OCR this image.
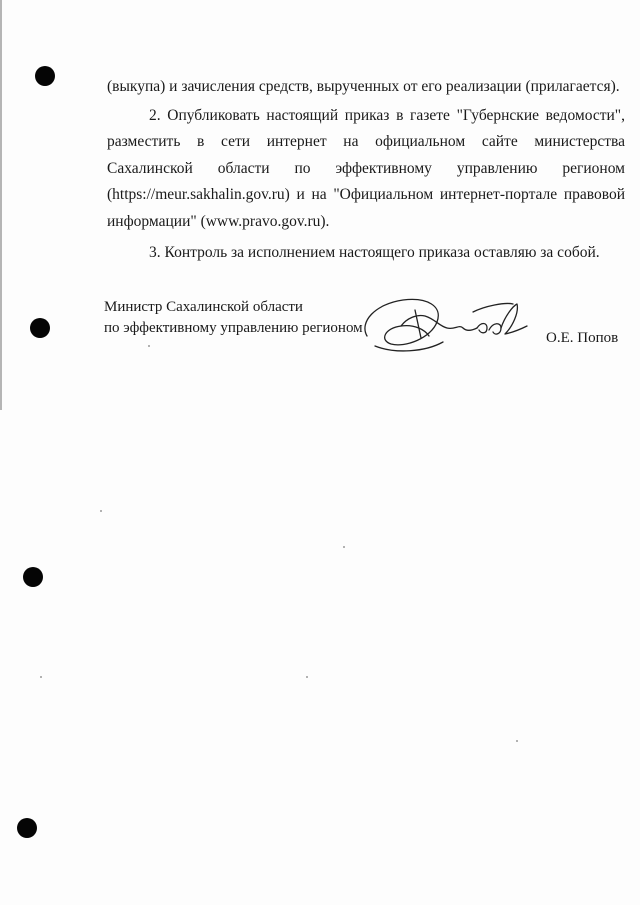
(выкупа) и зачисления средств, вырученных от его реализации (прилагается).

2. Опубликовать настоящий приказ в газете "Губернские ведомости", разместить в сети интернет на официальном сайте министерства Сахалинской области по эффективному управлению регионом (https://meur.sakhalin.gov.ru) и на "Официальном интернет-портале правовой информации" (www.pravo.gov.ru).

3. Контроль за исполнением настоящего приказа оставляю за собой.

Министр Сахалинской области
по эффективному управлению регионом
О.Е. Попов
